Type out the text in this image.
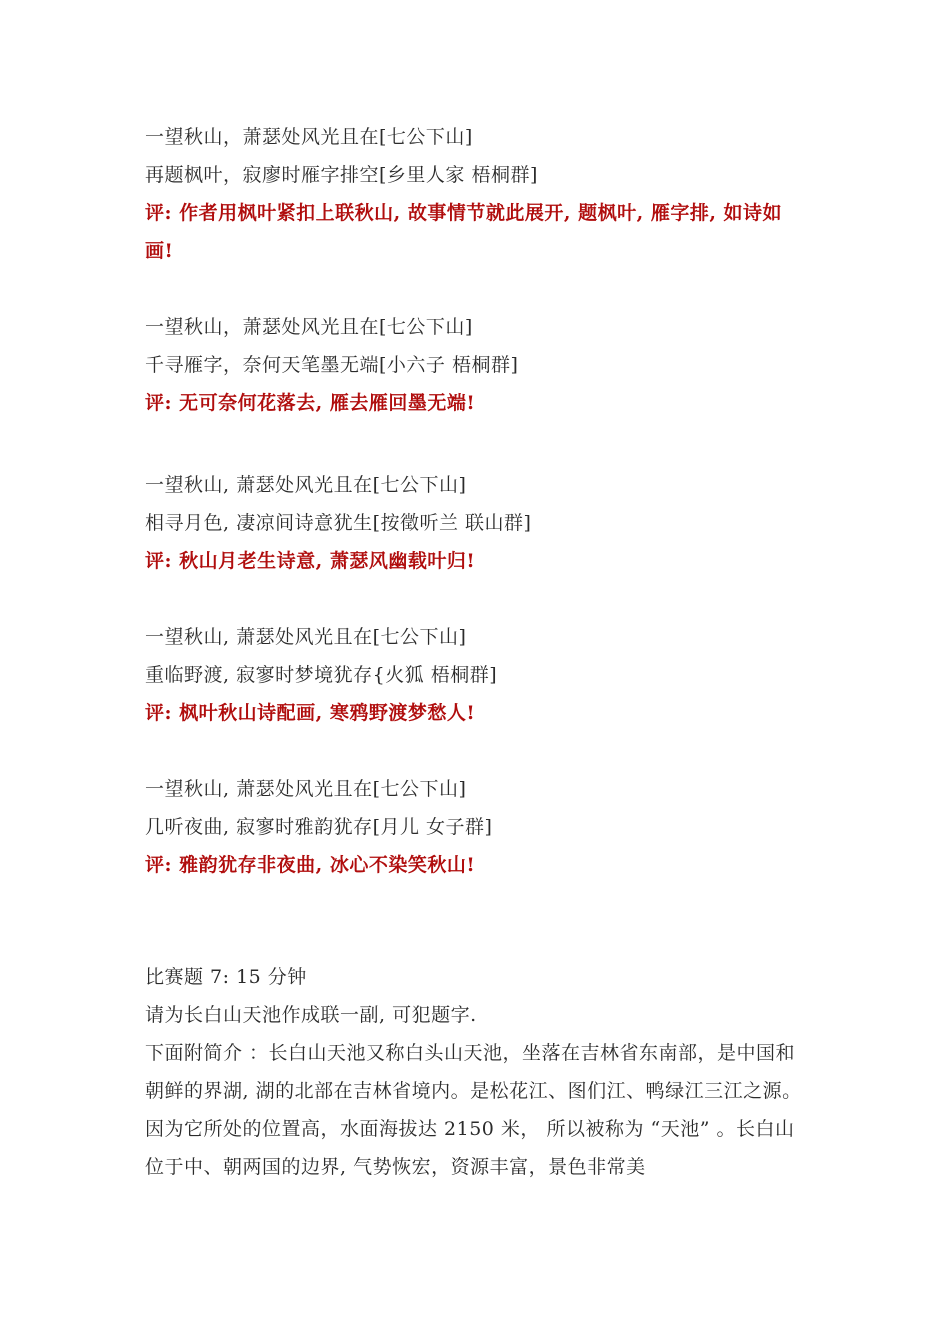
一望秋山，萧瑟处风光且在[七公下山]
再题枫叶，寂廖时雁字排空[乡里人家 梧桐群]
评: 作者用枫叶紧扣上联秋山, 故事情节就此展开, 题枫叶, 雁字排, 如诗如画!
一望秋山，萧瑟处风光且在[七公下山]
千寻雁字，奈何天笔墨无端[小六子 梧桐群]
评: 无可奈何花落去, 雁去雁回墨无端!
一望秋山, 萧瑟处风光且在[七公下山]
相寻月色, 凄凉间诗意犹生[按徵听兰 联山群]
评: 秋山月老生诗意, 萧瑟风幽载叶归!
一望秋山, 萧瑟处风光且在[七公下山]
重临野渡, 寂寥时梦境犹存{火狐 梧桐群]
评: 枫叶秋山诗配画, 寒鸦野渡梦愁人!
一望秋山, 萧瑟处风光且在[七公下山]
几听夜曲, 寂寥时雅韵犹存[月儿 女子群]
评: 雅韵犹存非夜曲, 冰心不染笑秋山!
比赛题 7: 15 分钟
请为长白山天池作成联一副, 可犯题字.
下面附简介 ：长白山天池又称白头山天池，坐落在吉林省东南部，是中国和朝鲜的界湖, 湖的北部在吉林省境内。是松花江、图们江、鸭绿江三江之源。因为它所处的位置高，水面海拔达 2150 米， 所以被称为 “天池” 。长白山位于中、朝两国的边界, 气势恢宏，资源丰富，景色非常美
